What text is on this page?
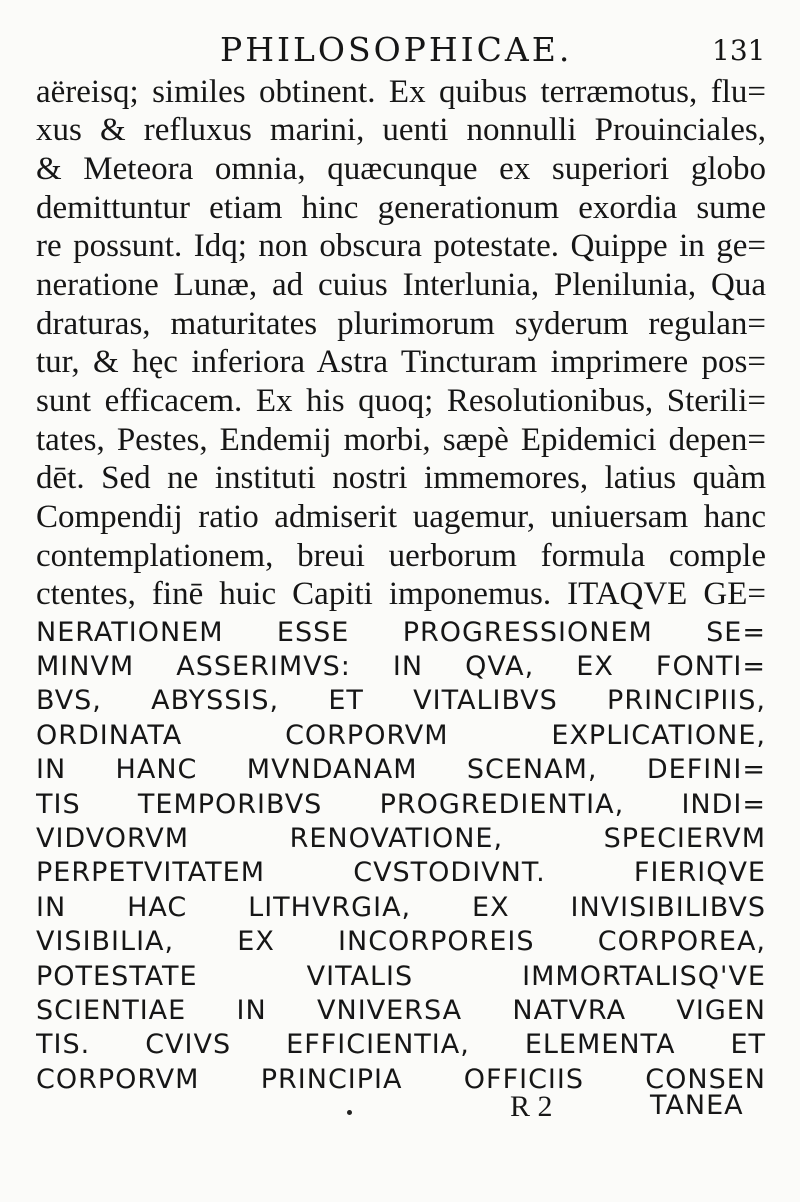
PHILOSOPHICAE.	131
aëreisq; similes obtinent. Ex quibus terræmotus, flu=
xus & refluxus marini, uenti nonnulli Prouinciales,
& Meteora omnia, quæcunque ex superiori globo
demittuntur etiam hinc generationum exordia sume
re possunt. Idq; non obscura potestate. Quippe in ge=
neratione Lunæ, ad cuius Interlunia, Plenilunia, Qua
draturas, maturitates plurimorum syderum regulan=
tur, & hęc inferiora Astra Tincturam imprimere pos=
sunt efficacem. Ex his quoq; Resolutionibus, Sterili=
tates, Pestes, Endemij morbi, sæpè Epidemici depen=
dēt. Sed ne instituti nostri immemores, latius quàm
Compendij ratio admiserit uagemur, uniuersam hanc
contemplationem, breui uerborum formula comple
ctentes, finē huic Capiti imponemus. ITAQVE GE=
NERATIONEM ESSE PROGRESSIONEM SE=
MINVM ASSERIMVS: IN QVA, EX FONTI=
BVS, ABYSSIS, ET VITALIBVS PRINCIPIIS,
ORDINATA CORPORVM EXPLICATIONE,
IN HANC MVNDANAM SCENAM, DEFINI=
TIS TEMPORIBVS PROGREDIENTIA, INDI=
VIDVORVM RENOVATIONE, SPECIERVM
PERPETVITATEM CVSTODIVNT. FIERIQVE
IN HAC LITHVRGIA, EX INVISIBILIBVS
VISIBILIA, EX INCORPOREIS CORPOREA,
POTESTATE VITALIS IMMORTALISQ'VE
SCIENTIAE IN VNIVERSA NATVRA VIGEN
TIS. CVIVS EFFICIENTIA, ELEMENTA ET
CORPORVM PRINCIPIA OFFICIIS CONSEN
R 2	TANEA
